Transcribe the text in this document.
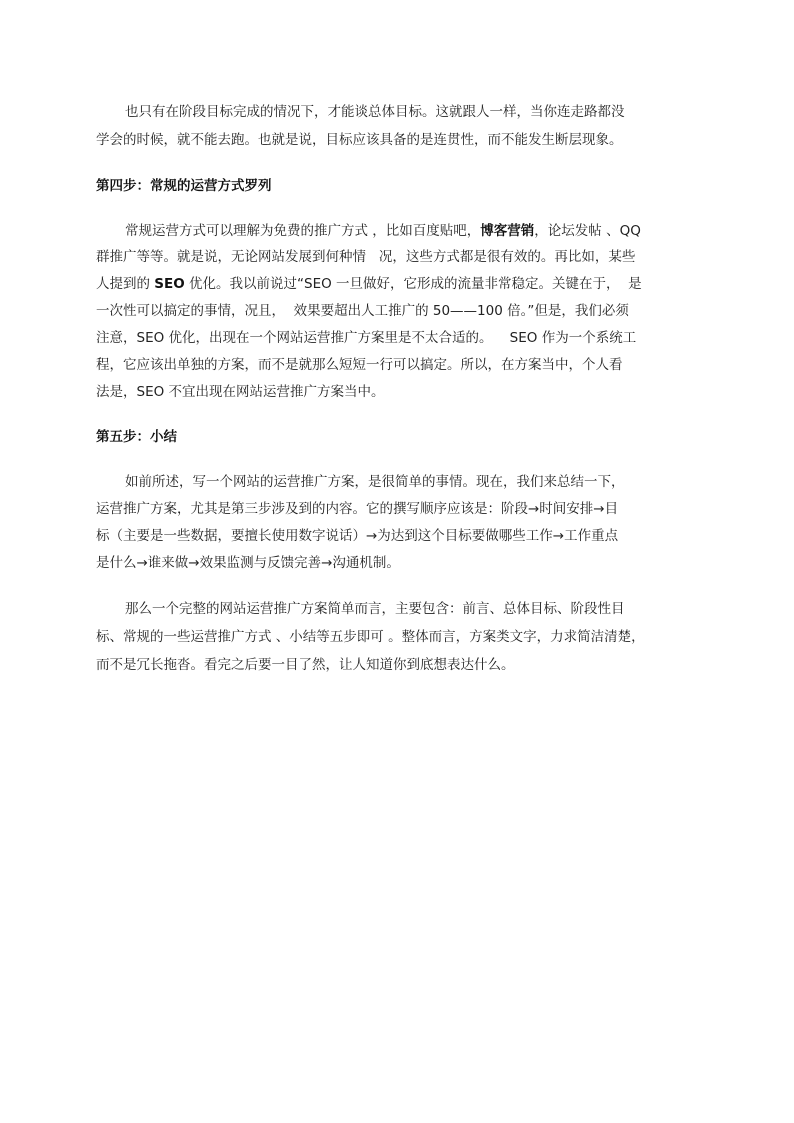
也只有在阶段目标完成的情况下，才能谈总体目标。这就跟人一样，当你连走路都没
学会的时候，就不能去跑。也就是说，目标应该具备的是连贯性，而不能发生断层现象。
第四步：常规的运营方式罗列
常规运营方式可以理解为免费的推广方式 ，比如百度贴吧，博客营销，论坛发帖 、QQ
群推广等等。就是说，无论网站发展到何种情   况，这些方式都是很有效的。再比如，某些
人提到的 SEO 优化。我以前说过“SEO 一旦做好，它形成的流量非常稳定。关键在于，  是
一次性可以搞定的事情，况且，  效果要超出人工推广的 50——100 倍。”但是，我们必须
注意，SEO 优化，出现在一个网站运营推广方案里是不太合适的。    SEO 作为一个系统工
程，它应该出单独的方案，而不是就那么短短一行可以搞定。所以，在方案当中，个人看
法是，SEO 不宜出现在网站运营推广方案当中。
第五步：小结
如前所述，写一个网站的运营推广方案，是很简单的事情。现在，我们来总结一下，
运营推广方案，尤其是第三步涉及到的内容。它的撰写顺序应该是：阶段→时间安排→目
标（主要是一些数据，要擅长使用数字说话）→为达到这个目标要做哪些工作→工作重点
是什么→谁来做→效果监测与反馈完善→沟通机制。
那么一个完整的网站运营推广方案简单而言，主要包含：前言、总体目标、阶段性目
标、常规的一些运营推广方式 、小结等五步即可 。整体而言，方案类文字，力求简洁清楚，
而不是冗长拖沓。看完之后要一目了然，让人知道你到底想表达什么。
